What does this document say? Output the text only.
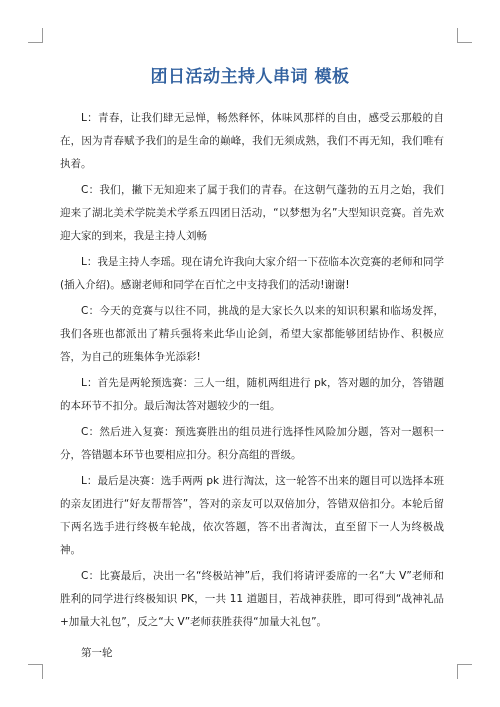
团日活动主持人串词 模板

L：青春，让我们肆无忌惮，畅然释怀，体味风那样的自由，感受云那般的自在，因为青春赋予我们的是生命的巅峰，我们无须成熟，我们不再无知，我们唯有执着。

C：我们，撇下无知迎来了属于我们的青春。在这朝气蓬勃的五月之始，我们迎来了湖北美术学院美术学系五四团日活动，“以梦想为名”大型知识竞赛。首先欢迎大家的到来，我是主持人刘畅

L：我是主持人李瑶。现在请允许我向大家介绍一下莅临本次竞赛的老师和同学(插入介绍)。感谢老师和同学在百忙之中支持我们的活动!谢谢!

C：今天的竞赛与以往不同，挑战的是大家长久以来的知识积累和临场发挥，我们各班也都派出了精兵强将来此华山论剑，希望大家都能够团结协作、积极应答，为自己的班集体争光添彩!

L：首先是两轮预选赛：三人一组，随机两组进行 pk，答对题的加分，答错题的本环节不扣分。最后淘汰答对题较少的一组。

C：然后进入复赛：预选赛胜出的组员进行选择性风险加分题，答对一题积一分，答错题本环节也要相应扣分。积分高组的晋级。

L：最后是决赛：选手两两 pk 进行淘汰，这一轮答不出来的题目可以选择本班的亲友团进行“好友帮帮答”，答对的亲友可以双倍加分，答错双倍扣分。本轮后留下两名选手进行终极车轮战，依次答题，答不出者淘汰，直至留下一人为终极战神。

C：比赛最后，决出一名“终极站神”后，我们将请评委席的一名“大 V”老师和胜利的同学进行终极知识 PK，一共 11 道题目，若战神获胜，即可得到“战神礼品+加量大礼包”，反之“大 V”老师获胜获得“加量大礼包”。

第一轮
